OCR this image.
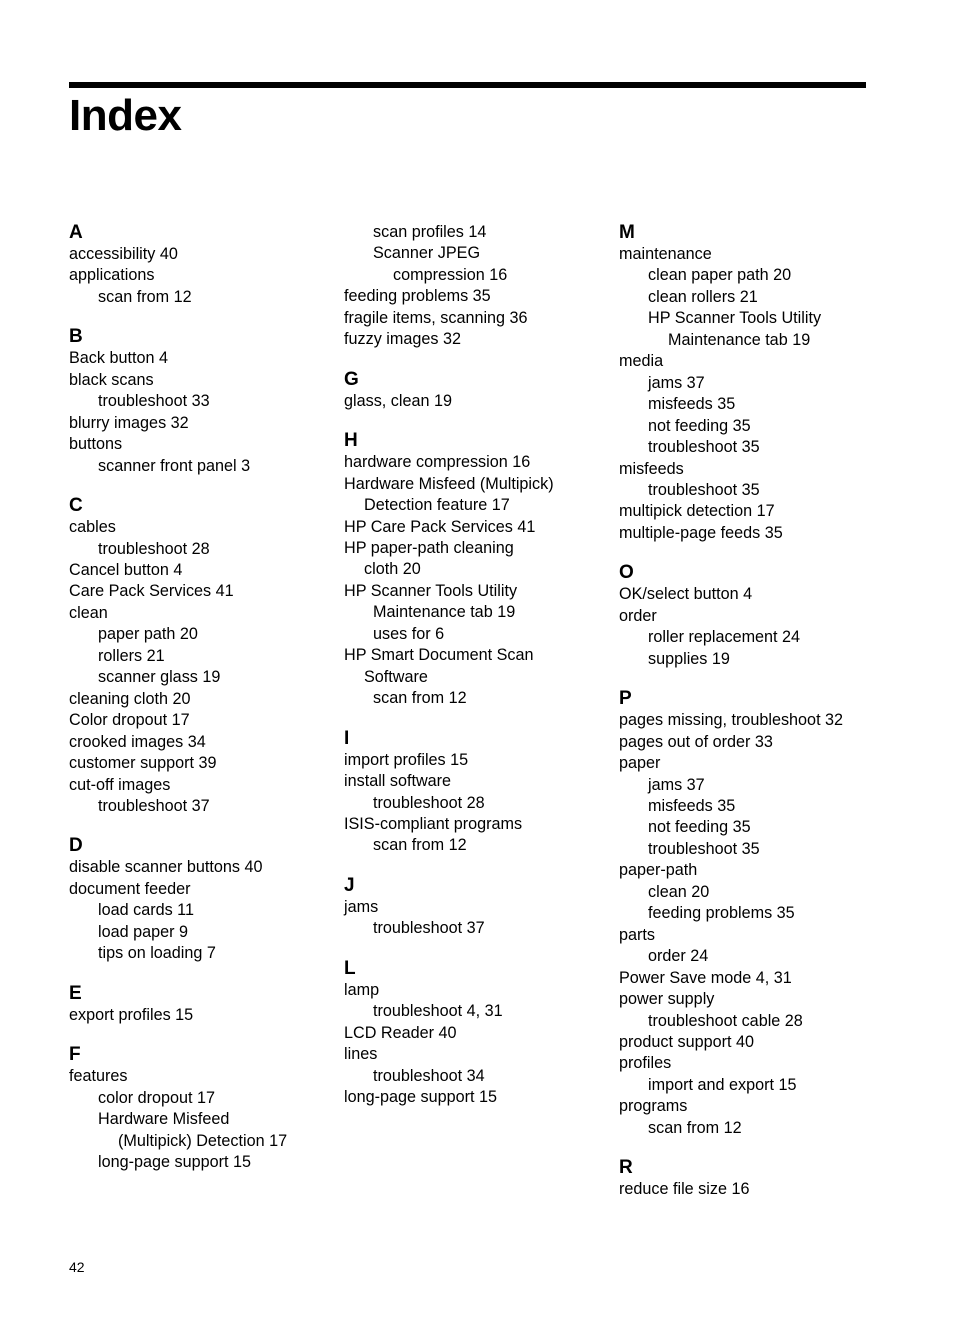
Index
A
accessibility 40
applications
scan from 12
B
Back button 4
black scans
troubleshoot 33
blurry images 32
buttons
scanner front panel 3
C
cables
troubleshoot 28
Cancel button 4
Care Pack Services 41
clean
paper path 20
rollers 21
scanner glass 19
cleaning cloth 20
Color dropout 17
crooked images 34
customer support 39
cut-off images
troubleshoot 37
D
disable scanner buttons 40
document feeder
load cards 11
load paper 9
tips on loading 7
E
export profiles 15
F
features
color dropout 17
Hardware Misfeed
(Multipick) Detection 17
long-page support 15
scan profiles 14
Scanner JPEG
compression 16
feeding problems 35
fragile items, scanning 36
fuzzy images 32
G
glass, clean 19
H
hardware compression 16
Hardware Misfeed (Multipick)
Detection feature 17
HP Care Pack Services 41
HP paper-path cleaning
cloth 20
HP Scanner Tools Utility
Maintenance tab 19
uses for 6
HP Smart Document Scan
Software
scan from 12
I
import profiles 15
install software
troubleshoot 28
ISIS-compliant programs
scan from 12
J
jams
troubleshoot 37
L
lamp
troubleshoot 4, 31
LCD Reader 40
lines
troubleshoot 34
long-page support 15
M
maintenance
clean paper path 20
clean rollers 21
HP Scanner Tools Utility
Maintenance tab 19
media
jams 37
misfeeds 35
not feeding 35
troubleshoot 35
misfeeds
troubleshoot 35
multipick detection 17
multiple-page feeds 35
O
OK/select button 4
order
roller replacement 24
supplies 19
P
pages missing, troubleshoot 32
pages out of order 33
paper
jams 37
misfeeds 35
not feeding 35
troubleshoot 35
paper-path
clean 20
feeding problems 35
parts
order 24
Power Save mode 4, 31
power supply
troubleshoot cable 28
product support 40
profiles
import and export 15
programs
scan from 12
R
reduce file size 16
42
